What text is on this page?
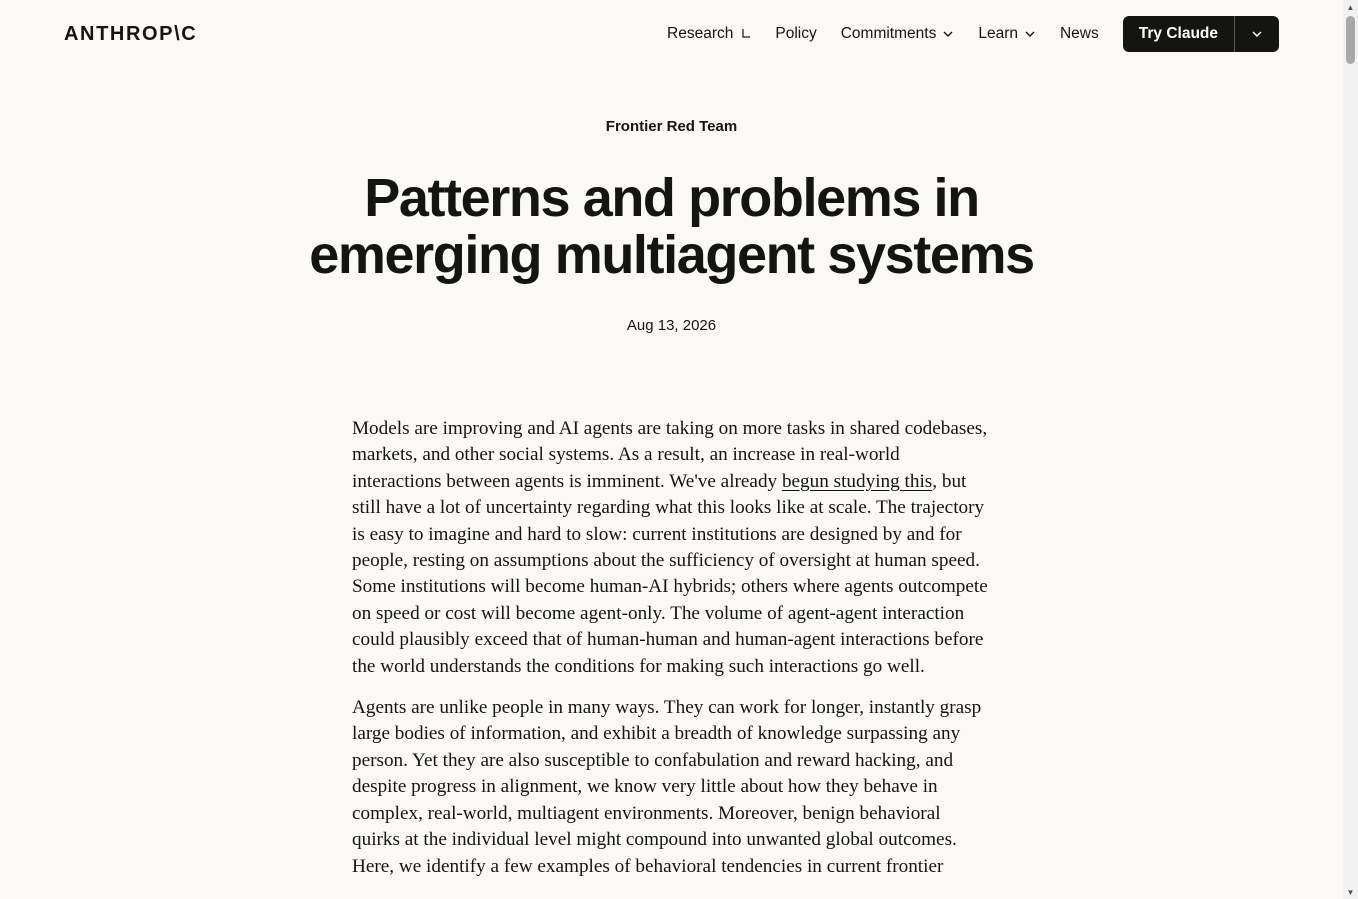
ANTHROP\C	Research	Policy Commitments	Learn	News	Try Claude
Frontier Red Team
Patterns and problems in
emerging multiagent systems
Aug 13, 2026

Models are improving and AI agents are taking on more tasks in shared codebases, markets, and other social systems. As a result, an increase in real-world interactions between agents is imminent. We've already begun studying this, but still have a lot of uncertainty regarding what this looks like at scale. The trajectory is easy to imagine and hard to slow: current institutions are designed by and for people, resting on assumptions about the sufficiency of oversight at human speed. Some institutions will become human-AI hybrids; others where agents outcompete on speed or cost will become agent-only. The volume of agent-agent interaction could plausibly exceed that of human-human and human-agent interactions before the world understands the conditions for making such interactions go well.

Agents are unlike people in many ways. They can work for longer, instantly grasp large bodies of information, and exhibit a breadth of knowledge surpassing any person. Yet they are also susceptible to confabulation and reward hacking, and despite progress in alignment, we know very little about how they behave in complex, real-world, multiagent environments. Moreover, benign behavioral quirks at the individual level might compound into unwanted global outcomes. Here, we identify a few examples of behavioral tendencies in current frontier

▲
▼
